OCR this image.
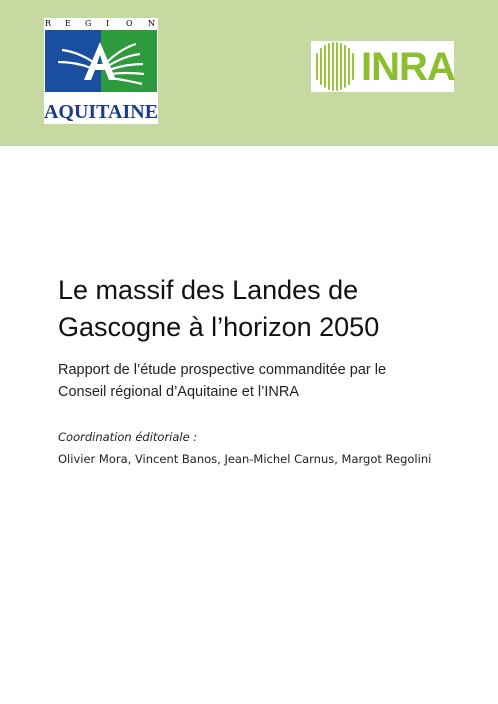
R E G I O N
AQUITAINE
INRA
Le massif des Landes de
Gascogne à l’horizon 2050

Rapport de l’étude prospective commanditée par le
Conseil régional d’Aquitaine et l’INRA

Coordination éditoriale :

Olivier Mora, Vincent Banos, Jean-Michel Carnus, Margot Regolini
